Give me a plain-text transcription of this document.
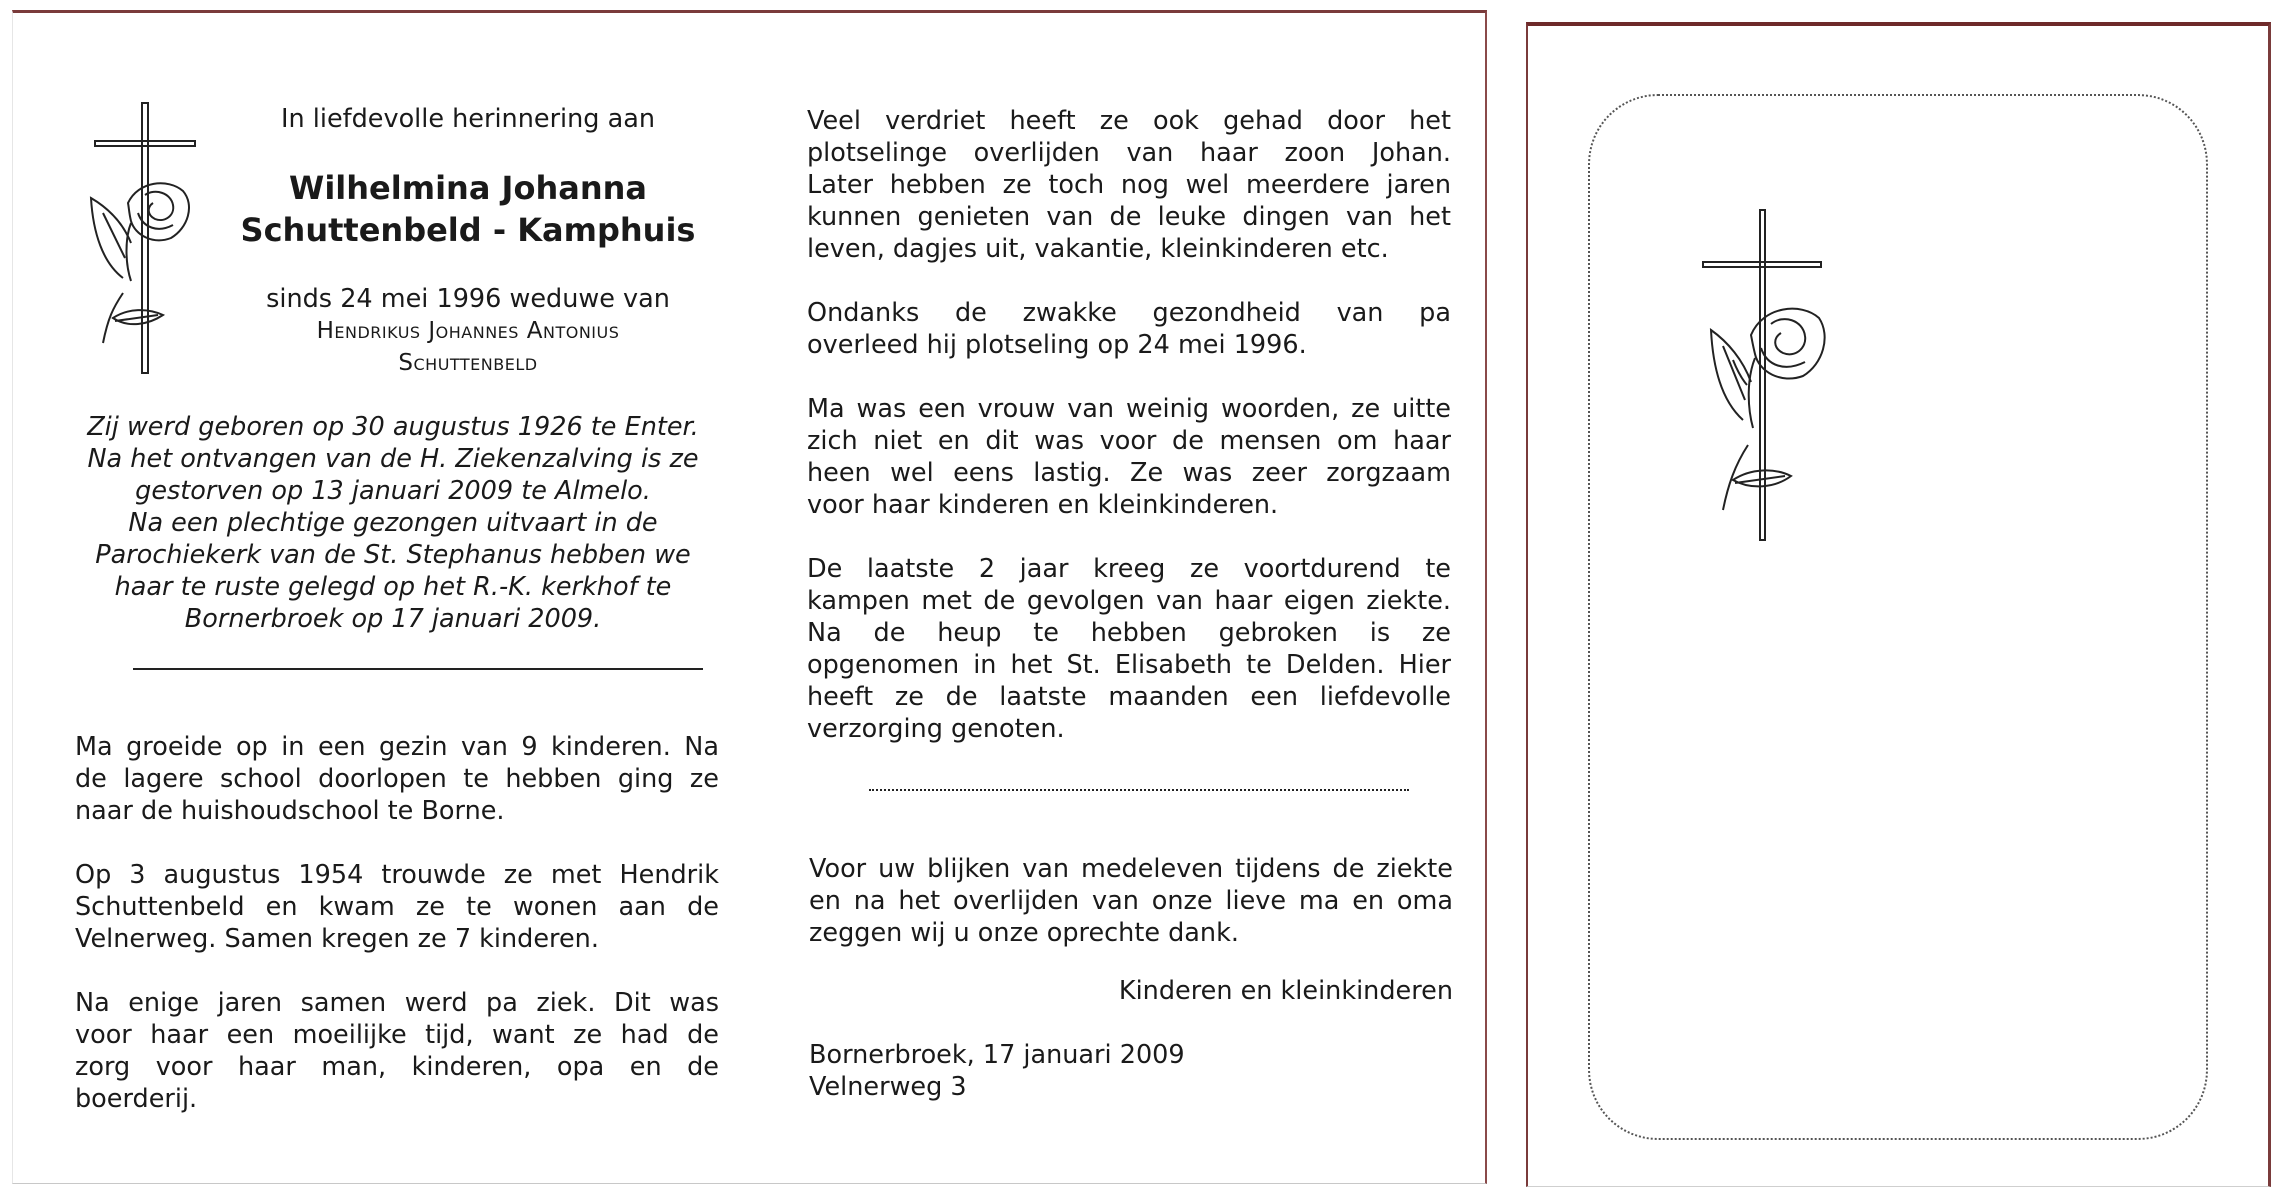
In liefdevolle herinnering aan
Wilhelmina Johanna
Schuttenbeld - Kamphuis
sinds 24 mei 1996 weduwe van
Hendrikus Johannes Antonius
Schuttenbeld
Zij werd geboren op 30 augustus 1926 te Enter.
Na het ontvangen van de H. Ziekenzalving is ze
gestorven op 13 januari 2009 te Almelo.
Na een plechtige gezongen uitvaart in de
Parochiekerk van de St. Stephanus hebben we
haar te ruste gelegd op het R.-K. kerkhof te
Bornerbroek op 17 januari 2009.
Ma groeide op in een gezin van 9 kinderen. Na
de lagere school doorlopen te hebben ging ze
naar de huishoudschool te Borne.
Op 3 augustus 1954 trouwde ze met Hendrik
Schuttenbeld en kwam ze te wonen aan de
Velnerweg. Samen kregen ze 7 kinderen.
Na enige jaren samen werd pa ziek. Dit was
voor haar een moeilijke tijd, want ze had de
zorg voor haar man, kinderen, opa en de
boerderij.
Veel verdriet heeft ze ook gehad door het
plotselinge overlijden van haar zoon Johan.
Later hebben ze toch nog wel meerdere jaren
kunnen genieten van de leuke dingen van het
leven, dagjes uit, vakantie, kleinkinderen etc.
Ondanks de zwakke gezondheid van pa
overleed hij plotseling op 24 mei 1996.
Ma was een vrouw van weinig woorden, ze uitte
zich niet en dit was voor de mensen om haar
heen wel eens lastig. Ze was zeer zorgzaam
voor haar kinderen en kleinkinderen.
De laatste 2 jaar kreeg ze voortdurend te
kampen met de gevolgen van haar eigen ziekte.
Na de heup te hebben gebroken is ze
opgenomen in het St. Elisabeth te Delden. Hier
heeft ze de laatste maanden een liefdevolle
verzorging genoten.
Voor uw blijken van medeleven tijdens de ziekte
en na het overlijden van onze lieve ma en oma
zeggen wij u onze oprechte dank.
Kinderen en kleinkinderen
Bornerbroek, 17 januari 2009
Velnerweg 3
